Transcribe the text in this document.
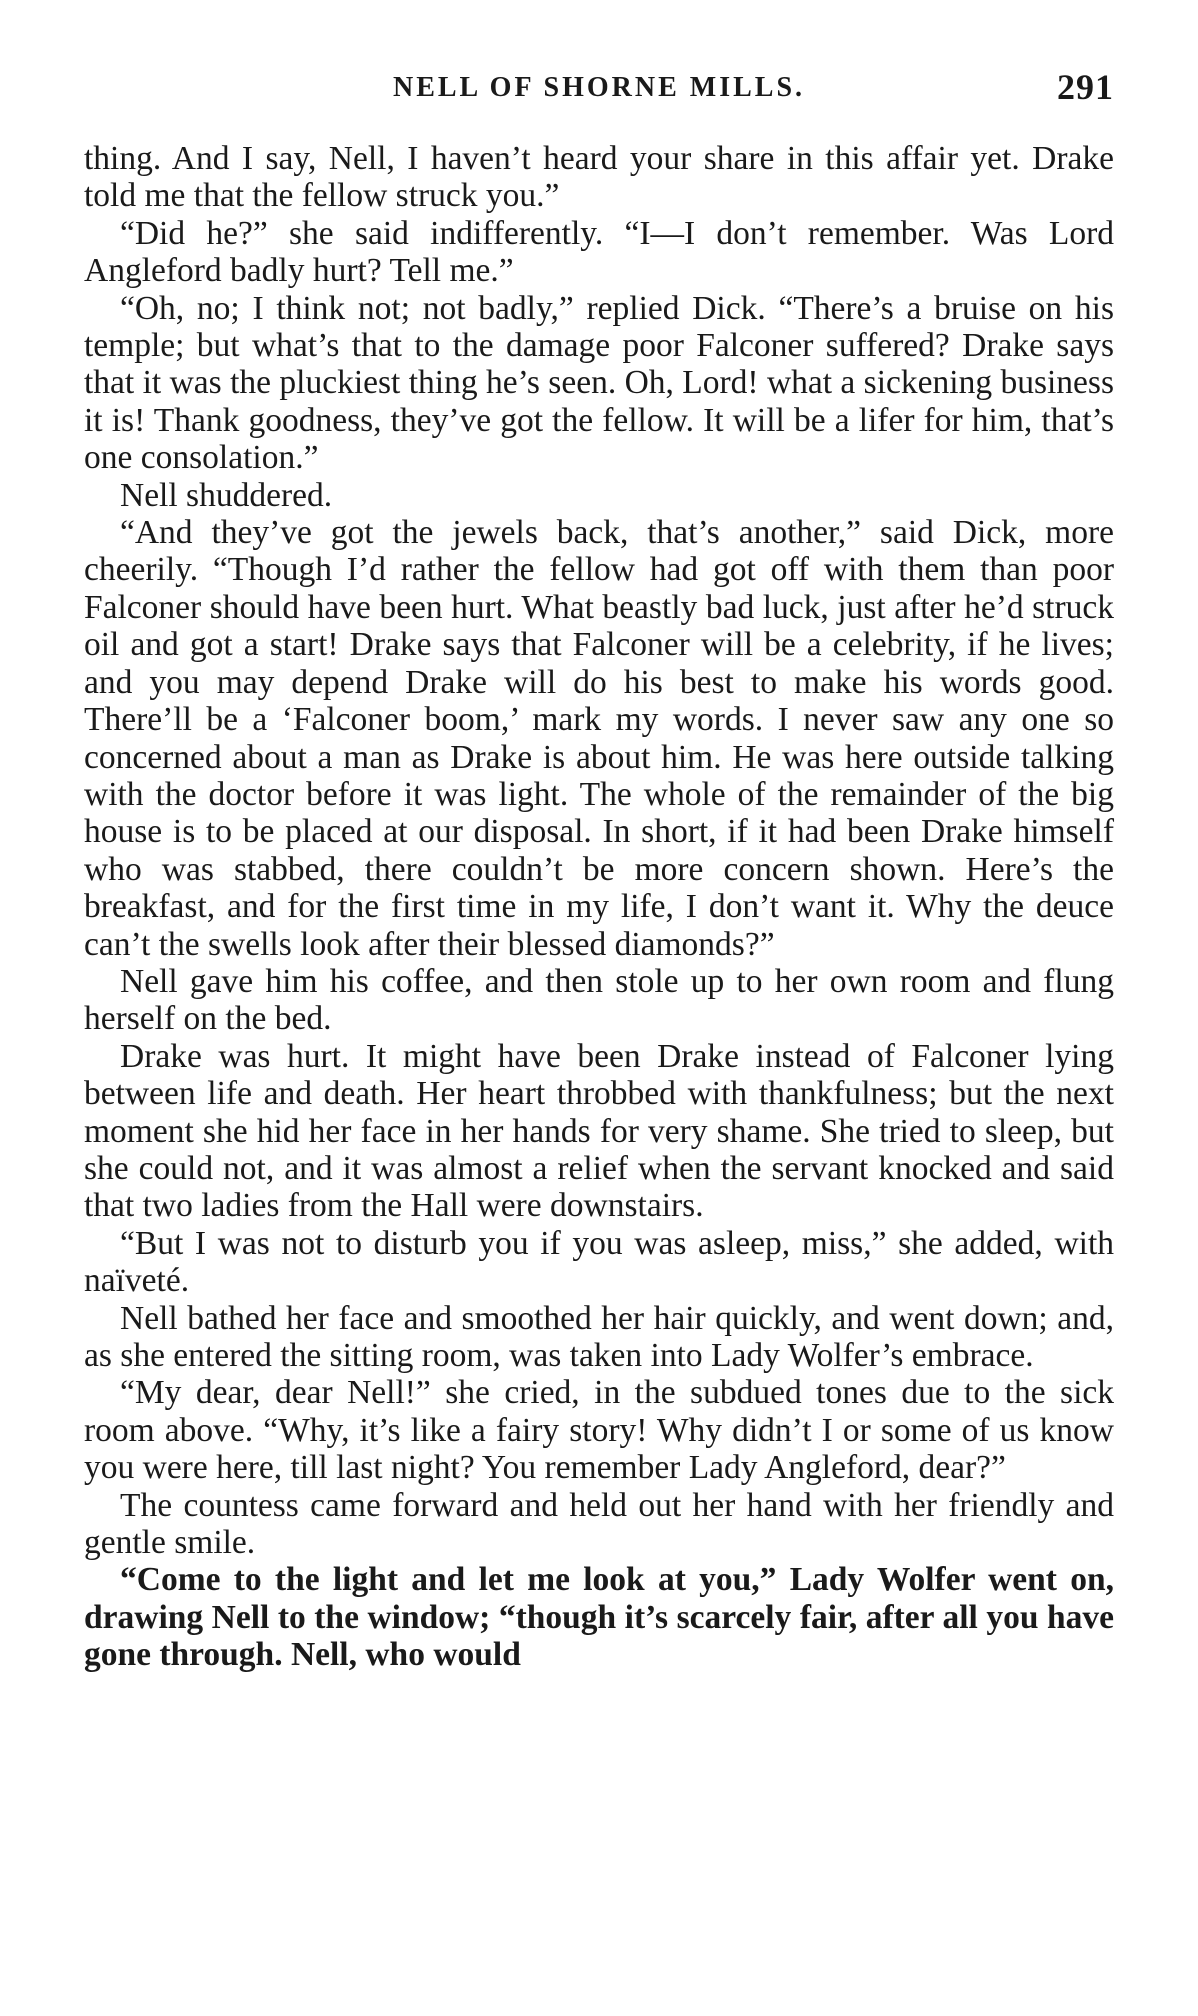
NELL OF SHORNE MILLS.	291

thing. And I say, Nell, I haven’t heard your share in this affair yet. Drake told me that the fellow struck you.”

“Did he?” she said indifferently. “I—I don’t remember. Was Lord Angleford badly hurt? Tell me.”

“Oh, no; I think not; not badly,” replied Dick. “There’s a bruise on his temple; but what’s that to the damage poor Falconer suffered? Drake says that it was the pluckiest thing he’s seen. Oh, Lord! what a sickening business it is! Thank goodness, they’ve got the fellow. It will be a lifer for him, that’s one consolation.”

Nell shuddered.

“And they’ve got the jewels back, that’s another,” said Dick, more cheerily. “Though I’d rather the fellow had got off with them than poor Falconer should have been hurt. What beastly bad luck, just after he’d struck oil and got a start! Drake says that Falconer will be a celebrity, if he lives; and you may depend Drake will do his best to make his words good. There’ll be a ‘Falconer boom,’ mark my words. I never saw any one so concerned about a man as Drake is about him. He was here outside talking with the doctor before it was light. The whole of the remainder of the big house is to be placed at our disposal. In short, if it had been Drake himself who was stabbed, there couldn’t be more concern shown. Here’s the breakfast, and for the first time in my life, I don’t want it. Why the deuce can’t the swells look after their blessed diamonds?”

Nell gave him his coffee, and then stole up to her own room and flung herself on the bed.

Drake was hurt. It might have been Drake instead of Falconer lying between life and death. Her heart throbbed with thankfulness; but the next moment she hid her face in her hands for very shame. She tried to sleep, but she could not, and it was almost a relief when the servant knocked and said that two ladies from the Hall were downstairs.

“But I was not to disturb you if you was asleep, miss,” she added, with naïveté.

Nell bathed her face and smoothed her hair quickly, and went down; and, as she entered the sitting room, was taken into Lady Wolfer’s embrace.

“My dear, dear Nell!” she cried, in the subdued tones due to the sick room above. “Why, it’s like a fairy story! Why didn’t I or some of us know you were here, till last night? You remember Lady Angleford, dear?”

The countess came forward and held out her hand with her friendly and gentle smile.

“Come to the light and let me look at you,” Lady Wolfer went on, drawing Nell to the window; “though it’s scarcely fair, after all you have gone through. Nell, who would
